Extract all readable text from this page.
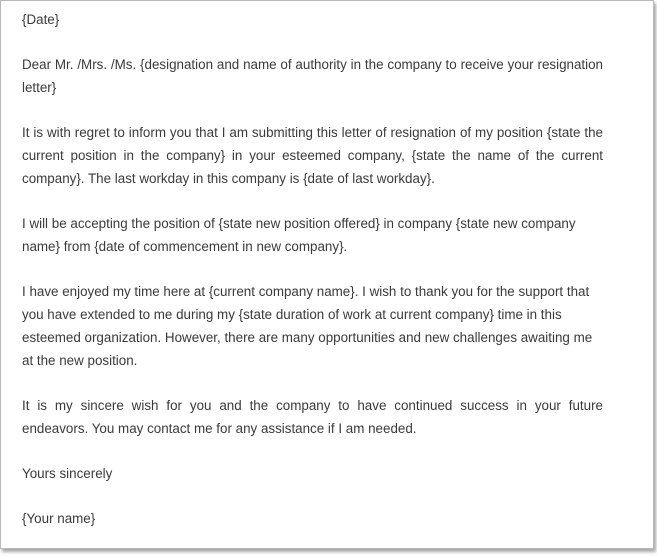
{Date}

Dear Mr. /Mrs. /Ms. {designation and name of authority in the company to receive your resignation letter}

It is with regret to inform you that I am submitting this letter of resignation of my position {state the current position in the company} in your esteemed company, {state the name of the current company}. The last workday in this company is {date of last workday}.

I will be accepting the position of {state new position offered} in company {state new company name} from {date of commencement in new company}.

I have enjoyed my time here at {current company name}. I wish to thank you for the support that you have extended to me during my {state duration of work at current company} time in this esteemed organization. However, there are many opportunities and new challenges awaiting me at the new position.

It is my sincere wish for you and the company to have continued success in your future endeavors. You may contact me for any assistance if I am needed.

Yours sincerely

{Your name}
